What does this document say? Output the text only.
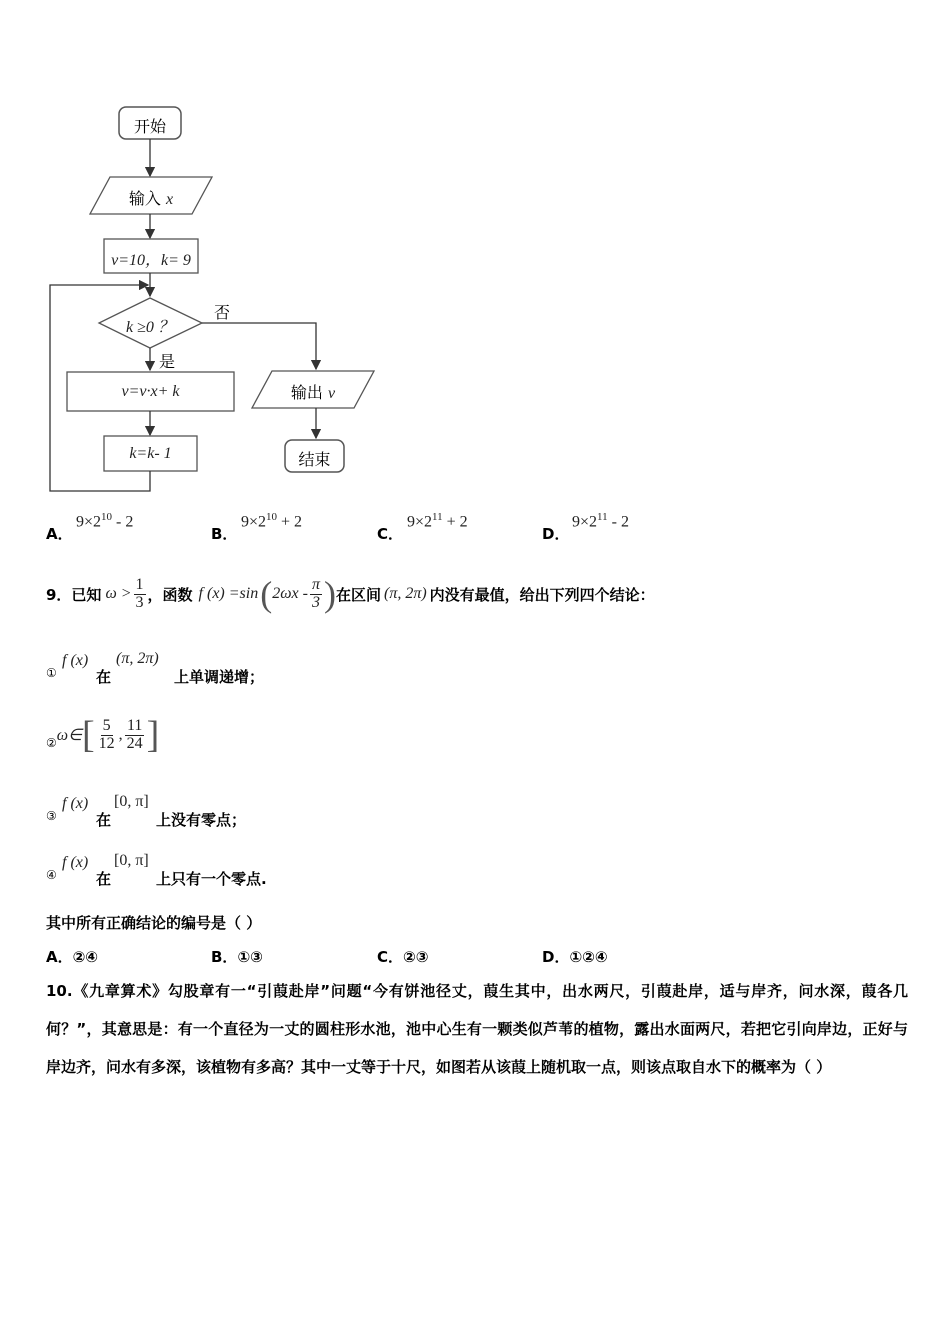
开始
输入 x
v=10，k= 9
k ≥0 ？
否
是
v=v·x+ k
k=k- 1
输出 v
结束
A．
$9\times 2^{10} - 2$
B．
$9\times 2^{10} + 2$
C．
$9\times 2^{11} + 2$
D．
$9\times 2^{11} - 2$
9．已知 $\omega > \frac{1}{3}$ ，函数 f (x) =sin ( $2\omega x - \frac{\pi}{3}$ ) 在区间 (π, 2π) 内没有最值，给出下列四个结论：
①
f (x)
在
(π, 2π)
上单调递增；
② ω∈ [ $\frac{5}{12}$ , $\frac{11}{24}$ ]
③
f (x)
在
[0, π]
上没有零点；
④
f (x)
在
[0, π]
上只有一个零点.
其中所有正确结论的编号是（ ）
A．②④	B．①③	C．②③	D．①②④
10.《九章算术》勾股章有一“引葭赴岸”问题“今有饼池径丈，葭生其中，出水两尺，引葭赴岸，适与岸齐，问水深，葭各几何？”，其意思是：有一个直径为一丈的圆柱形水池，池中心生有一颗类似芦苇的植物，露出水面两尺，若把它引向岸边，正好与岸边齐，问水有多深，该植物有多高？其中一丈等于十尺，如图若从该葭上随机取一点，则该点取自水下的概率为（ ）
